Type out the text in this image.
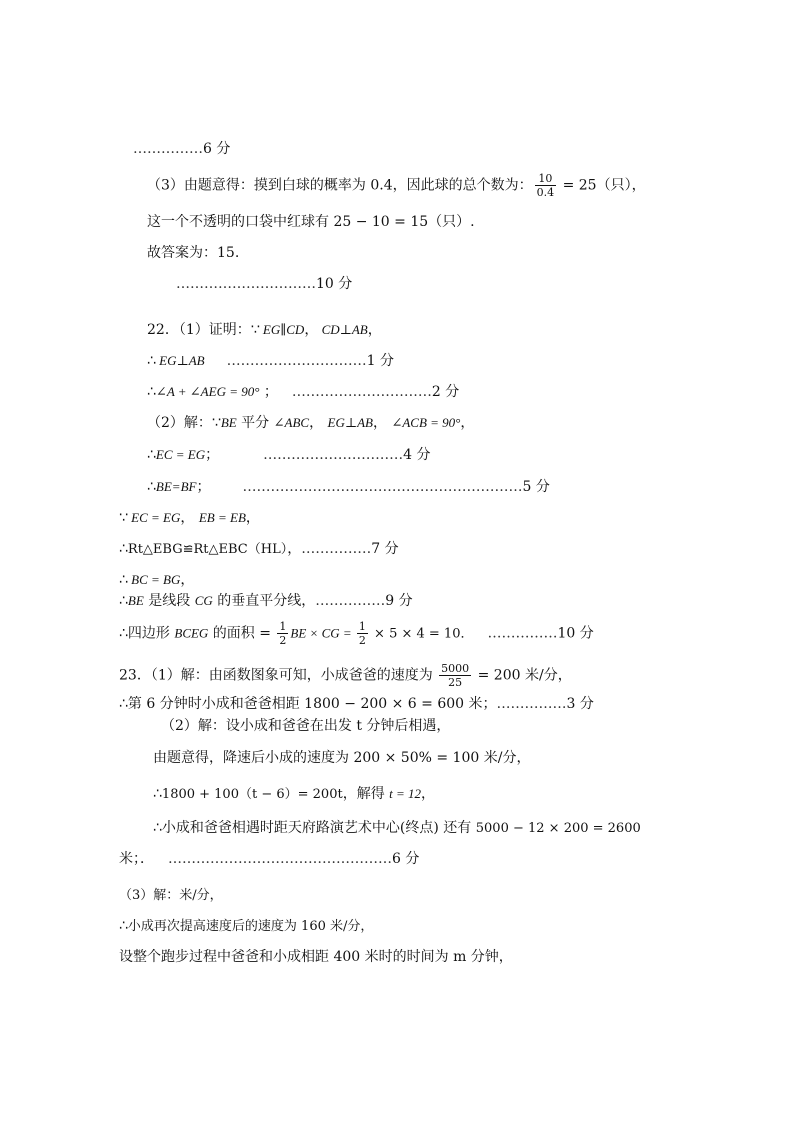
……………6 分
（3）由题意得：摸到白球的概率为 0.4，因此球的总个数为： $\frac{10}{0.4} = 25$（只），
这一个不透明的口袋中红球有 25 − 10 = 15（只）.
故答案为：15.
…………………………10 分
22．（1）证明：∵ EG∥CD， CD⊥AB，
∴ EG⊥AB …………………………1 分
∴∠A + ∠AEG = 90° ； …………………………2 分
（2）解：∵BE 平分 ∠ABC， EG⊥AB， ∠ACB = 90°，
∴EC = EG；	…………………………4 分
∴BE=BF； ……………………………………………………5 分
∵ EC = EG， EB = EB，
∴Rt△EBG≌Rt△EBC（HL），……………7 分
∴ BC = BG，
∴BE 是线段 CG 的垂直平分线，……………9 分
∴四边形 BCEG 的面积 = $\frac{1}{2}$ BE × CG = $\frac{1}{2} \times 5 \times 4 = 10$． ……………10 分
23．（1）解：由函数图象可知，小成爸爸的速度为 $\frac{5000}{25} = 200$ 米/分，
∴第 6 分钟时小成和爸爸相距 1800 − 200 × 6 = 600 米；……………3 分
（2）解：设小成和爸爸在出发 t 分钟后相遇，
由题意得，降速后小成的速度为 200 × 50% = 100 米/分，
∴1800 + 100（t − 6）= 200t，解得 t = 12，
∴小成和爸爸相遇时距天府路演艺术中心(终点) 还有 5000 − 12 × 200 = 2600
米；． …………………………………………6 分
（3）解：米/分，
∴小成再次提高速度后的速度为 160 米/分，
设整个跑步过程中爸爸和小成相距 400 米时的时间为 m 分钟，
